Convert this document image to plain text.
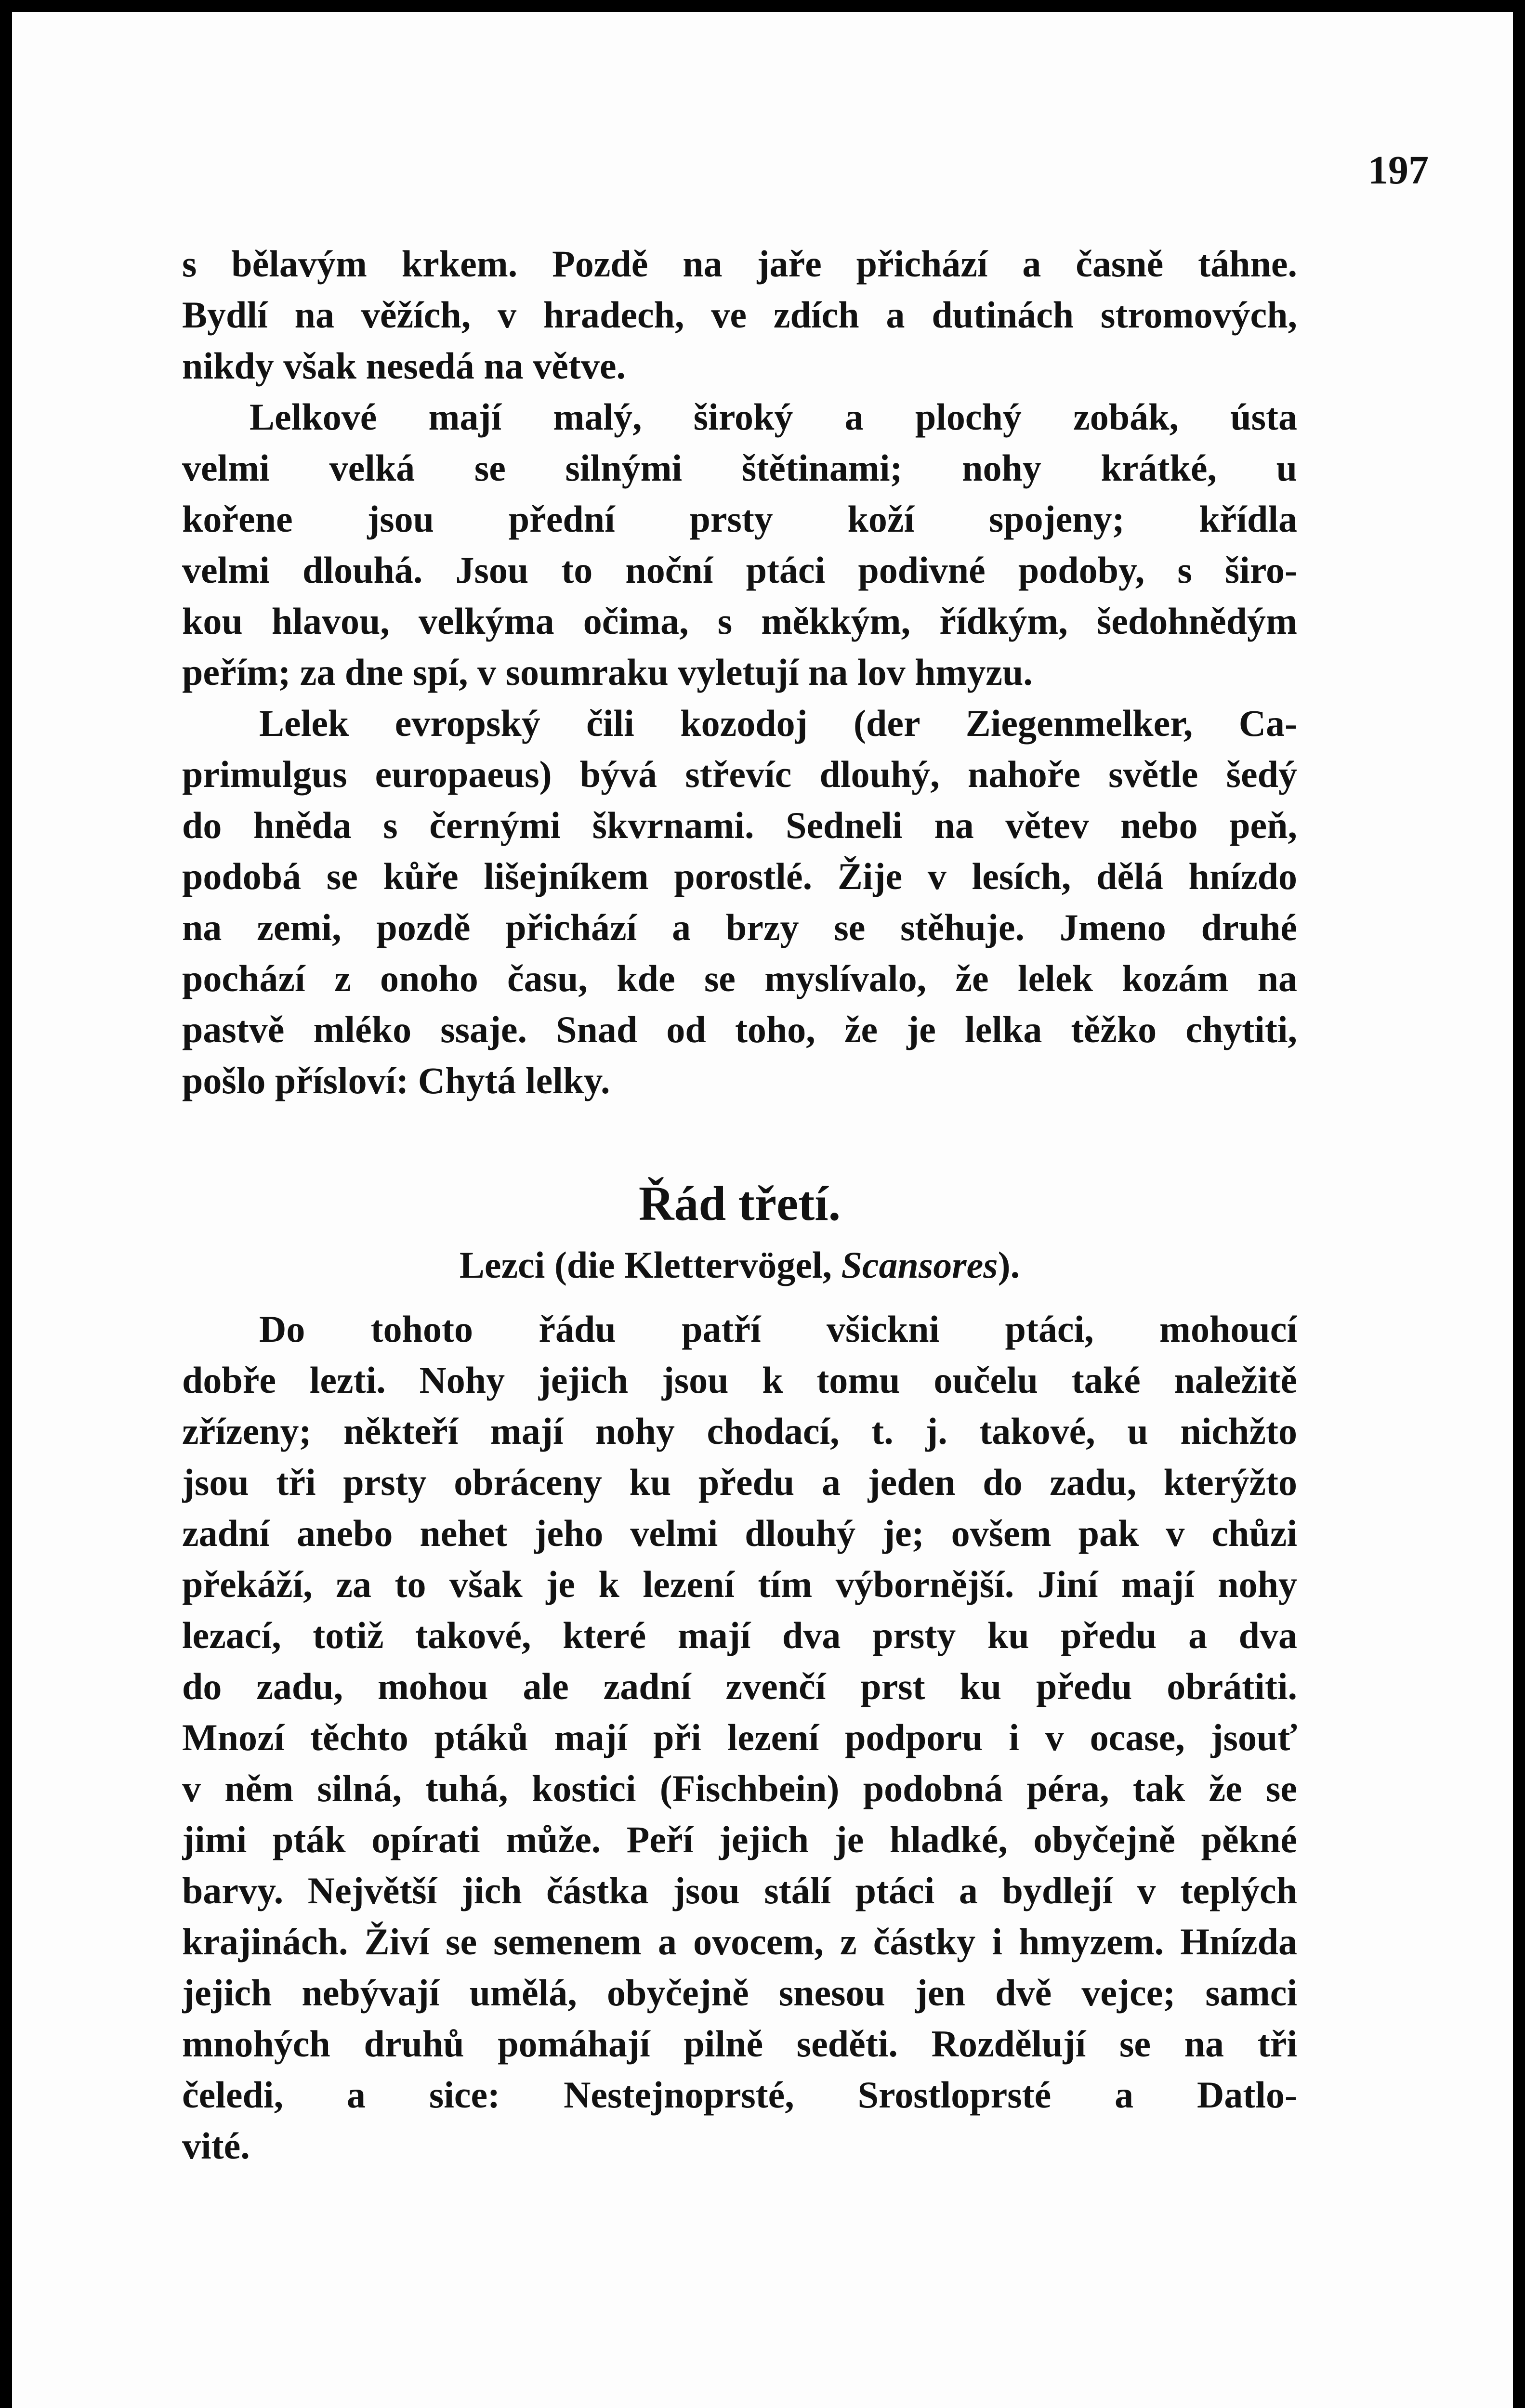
197
s bělavým krkem. Pozdě na jaře přichází a časně táhne.
Bydlí na věžích, v hradech, ve zdích a dutinách stromových,
nikdy však nesedá na větve.
Lelkové mají malý, široký a plochý zobák, ústa
velmi velká se silnými štětinami; nohy krátké, u
kořene jsou přední prsty koží spojeny; křídla
velmi dlouhá. Jsou to noční ptáci podivné podoby, s širo-
kou hlavou, velkýma očima, s měkkým, řídkým, šedohnědým
peřím; za dne spí, v soumraku vyletují na lov hmyzu.
Lelek evropský čili kozodoj (der Ziegenmelker, Ca-
primulgus europaeus) bývá střevíc dlouhý, nahoře světle šedý
do hněda s černými škvrnami. Sedneli na větev nebo peň,
podobá se kůře lišejníkem porostlé. Žije v lesích, dělá hnízdo
na zemi, pozdě přichází a brzy se stěhuje. Jmeno druhé
pochází z onoho času, kde se myslívalo, že lelek kozám na
pastvě mléko ssaje. Snad od toho, že je lelka těžko chytiti,
pošlo přísloví: Chytá lelky.
Řád třetí.
Lezci (die Klettervögel, Scansores).
Do tohoto řádu patří všickni ptáci, mohoucí
dobře lezti. Nohy jejich jsou k tomu oučelu také naležitě
zřízeny; někteří mají nohy chodací, t. j. takové, u nichžto
jsou tři prsty obráceny ku předu a jeden do zadu, kterýžto
zadní anebo nehet jeho velmi dlouhý je; ovšem pak v chůzi
překáží, za to však je k lezení tím výbornější. Jiní mají nohy
lezací, totiž takové, které mají dva prsty ku předu a dva
do zadu, mohou ale zadní zvenčí prst ku předu obrátiti.
Mnozí těchto ptáků mají při lezení podporu i v ocase, jsouť
v něm silná, tuhá, kostici (Fischbein) podobná péra, tak že se
jimi pták opírati může. Peří jejich je hladké, obyčejně pěkné
barvy. Největší jich částka jsou stálí ptáci a bydlejí v teplých
krajinách. Živí se semenem a ovocem, z částky i hmyzem. Hnízda
jejich nebývají umělá, obyčejně snesou jen dvě vejce; samci
mnohých druhů pomáhají pilně seděti. Rozdělují se na tři
čeledi, a sice: Nestejnoprsté, Srostloprsté a Datlo-
vité.
